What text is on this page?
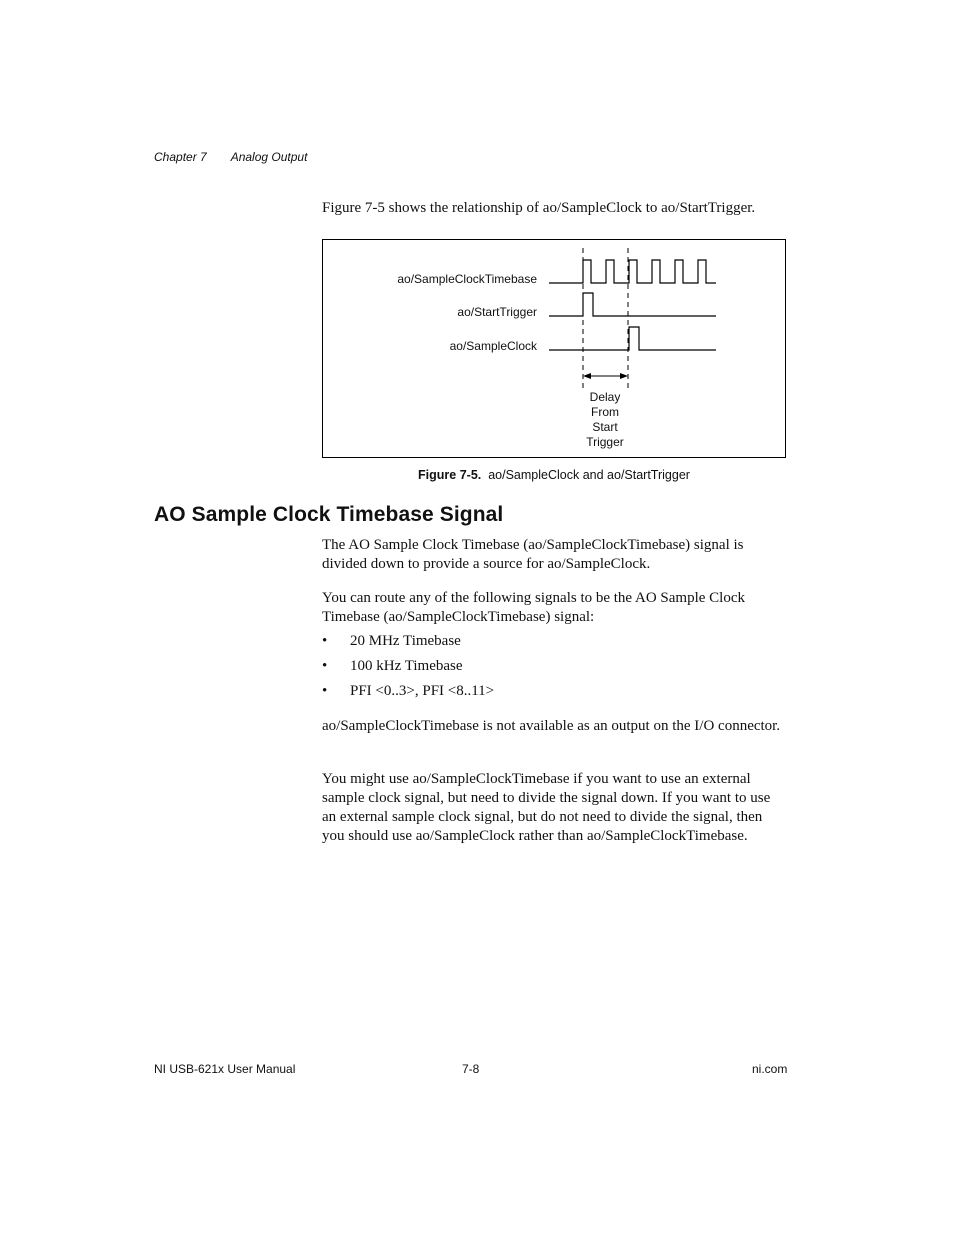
Chapter 7 Analog Output
Figure 7-5 shows the relationship of ao/SampleClock to ao/StartTrigger.
ao/SampleClockTimebase
ao/StartTrigger
ao/SampleClock
Delay
From
Start
Trigger
Figure 7-5. ao/SampleClock and ao/StartTrigger
AO Sample Clock Timebase Signal

The AO Sample Clock Timebase (ao/SampleClockTimebase) signal is divided down to provide a source for ao/SampleClock.

You can route any of the following signals to be the AO Sample Clock Timebase (ao/SampleClockTimebase) signal:

• 20 MHz Timebase
• 100 kHz Timebase
• PFI <0..3>, PFI <8..11>

ao/SampleClockTimebase is not available as an output on the I/O connector.

You might use ao/SampleClockTimebase if you want to use an external sample clock signal, but need to divide the signal down. If you want to use an external sample clock signal, but do not need to divide the signal, then you should use ao/SampleClock rather than ao/SampleClockTimebase.

NI USB-621x User Manual	7-8	ni.com
